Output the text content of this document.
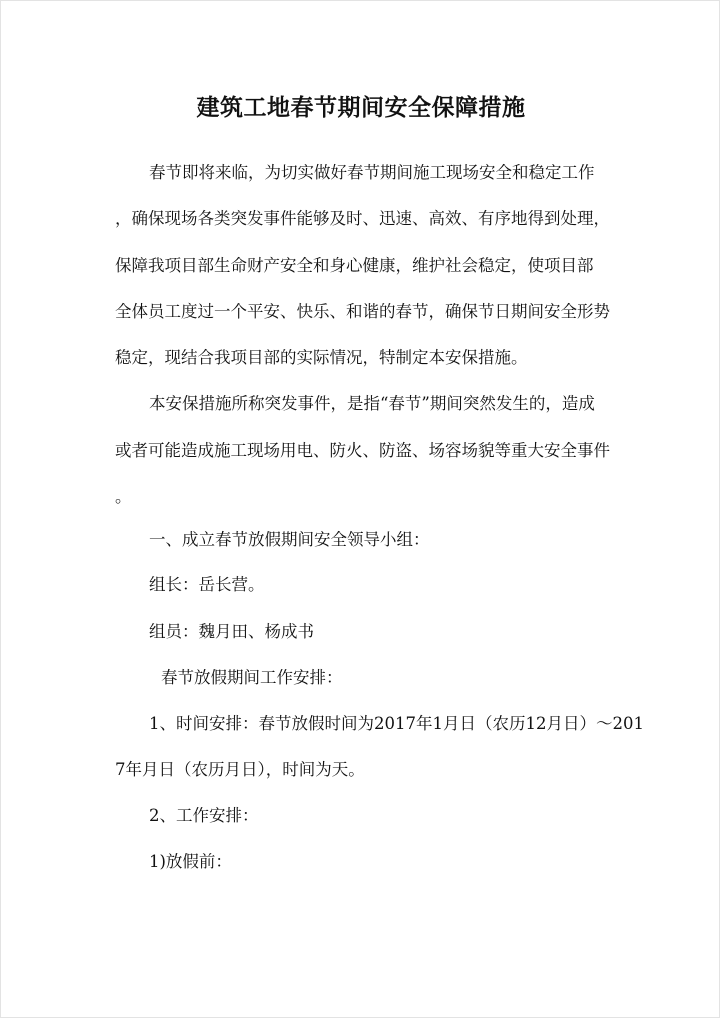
建筑工地春节期间安全保障措施
春节即将来临，为切实做好春节期间施工现场安全和稳定工作
，确保现场各类突发事件能够及时、迅速、高效、有序地得到处理，
保障我项目部生命财产安全和身心健康，维护社会稳定，使项目部
全体员工度过一个平安、快乐、和谐的春节，确保节日期间安全形势
稳定，现结合我项目部的实际情况，特制定本安保措施。
本安保措施所称突发事件，是指“春节”期间突然发生的，造成
或者可能造成施工现场用电、防火、防盗、场容场貌等重大安全事件
。
一、成立春节放假期间安全领导小组：
组长：岳长营。
组员：魏月田、杨成书
春节放假期间工作安排：
1、时间安排：春节放假时间为2017年1月日（农历12月日）～201
7年月日（农历月日），时间为天。
2、工作安排：
1)放假前：
